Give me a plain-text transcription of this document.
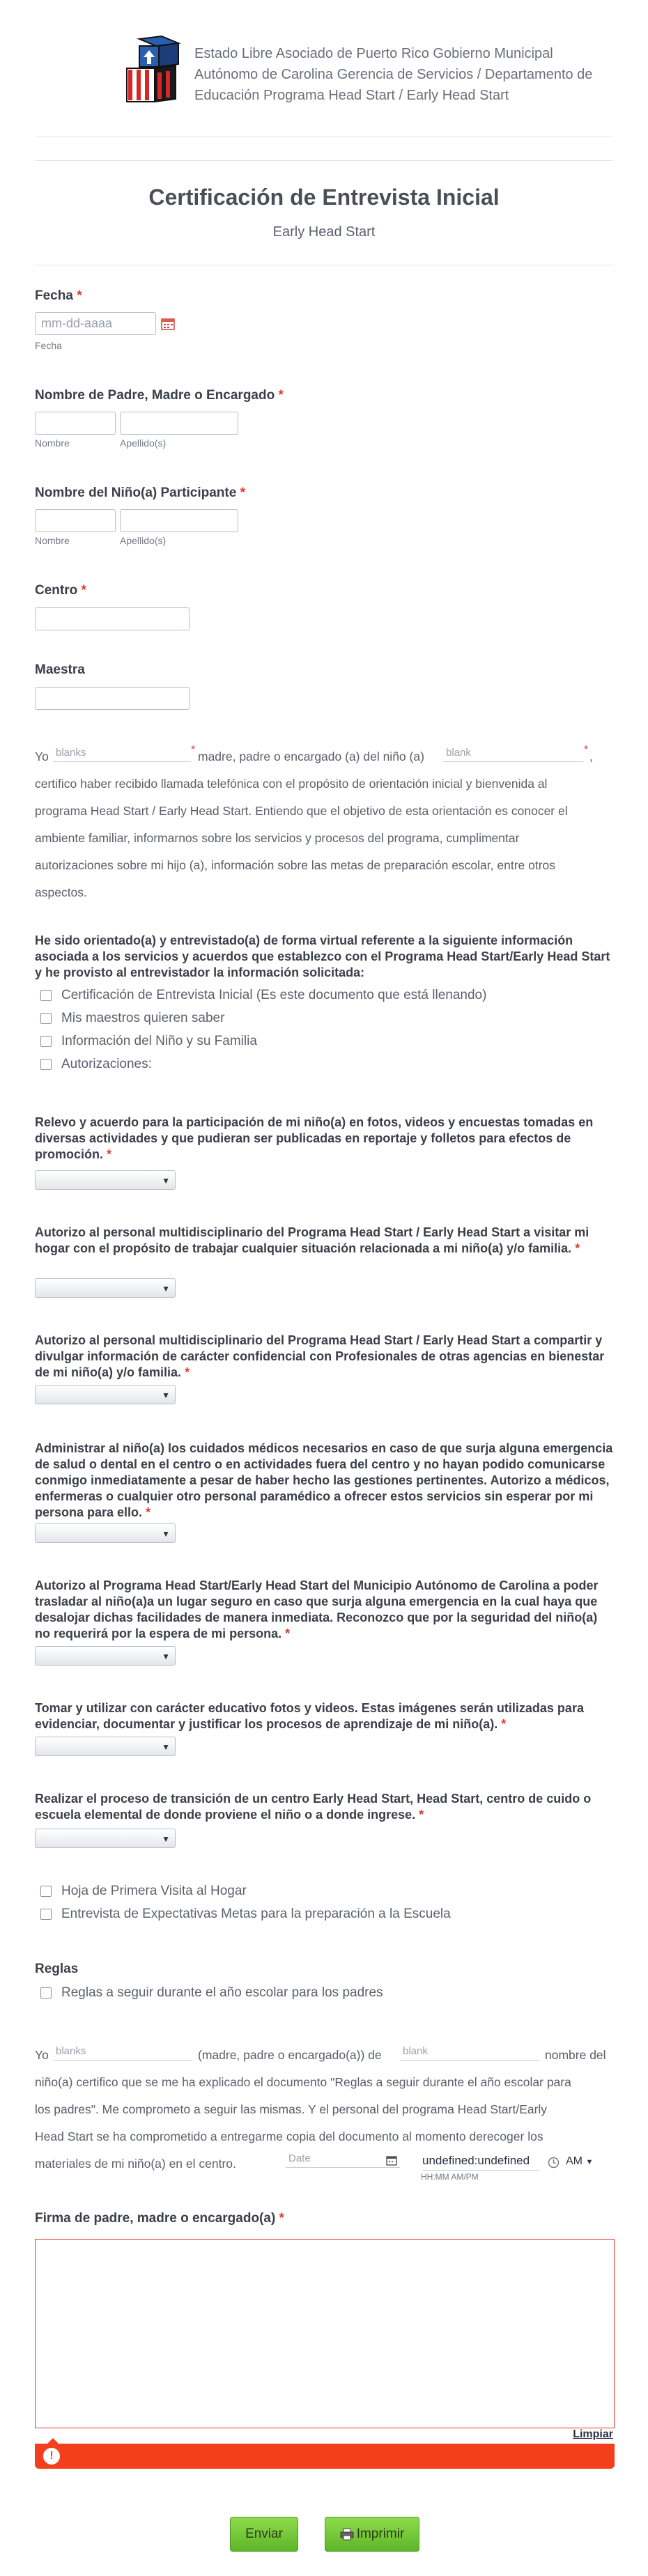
Estado Libre Asociado de Puerto Rico Gobierno Municipal Autónomo de Carolina Gerencia de Servicios / Departamento de Educación Programa Head Start / Early Head Start
Certificación de Entrevista Inicial
Early Head Start
Fecha *
mm-dd-aaaa
Fecha
Nombre de Padre, Madre o Encargado *
Nombre	Apellido(s)
Nombre del Niño(a) Participante *
Nombre	Apellido(s)
Centro *
Maestra
Yo blanks	* madre, padre o encargado (a) del niño (a) blank	* ,
certifico haber recibido llamada telefónica con el propósito de orientación inicial y bienvenida al
programa Head Start / Early Head Start. Entiendo que el objetivo de esta orientación es conocer el
ambiente familiar, informarnos sobre los servicios y procesos del programa, cumplimentar
autorizaciones sobre mi hijo (a), información sobre las metas de preparación escolar, entre otros
aspectos.
He sido orientado(a) y entrevistado(a) de forma virtual referente a la siguiente información asociada a los servicios y acuerdos que establezco con el Programa Head Start/Early Head Start y he provisto al entrevistador la información solicitada:
Certificación de Entrevista Inicial (Es este documento que está llenando)
Mis maestros quieren saber
Información del Niño y su Familia
Autorizaciones:
Relevo y acuerdo para la participación de mi niño(a) en fotos, videos y encuestas tomadas en diversas actividades y que pudieran ser publicadas en reportaje y folletos para efectos de promoción. *
▼
Autorizo al personal multidisciplinario del Programa Head Start / Early Head Start a visitar mi hogar con el propósito de trabajar cualquier situación relacionada a mi niño(a) y/o familia. *
▼
Autorizo al personal multidisciplinario del Programa Head Start / Early Head Start a compartir y divulgar información de carácter confidencial con Profesionales de otras agencias en bienestar de mi niño(a) y/o familia. *
▼
Administrar al niño(a) los cuidados médicos necesarios en caso de que surja alguna emergencia de salud o dental en el centro o en actividades fuera del centro y no hayan podido comunicarse conmigo inmediatamente a pesar de haber hecho las gestiones pertinentes. Autorizo a médicos, enfermeras o cualquier otro personal paramédico a ofrecer estos servicios sin esperar por mi persona para ello. *
▼
Autorizo al Programa Head Start/Early Head Start del Municipio Autónomo de Carolina a poder trasladar al niño(a)a un lugar seguro en caso que surja alguna emergencia en la cual haya que desalojar dichas facilidades de manera inmediata. Reconozco que por la seguridad del niño(a) no requerirá por la espera de mi persona. *
▼
Tomar y utilizar con carácter educativo fotos y videos. Estas imágenes serán utilizadas para evidenciar, documentar y justificar los procesos de aprendizaje de mi niño(a). *
▼
Realizar el proceso de transición de un centro Early Head Start, Head Start, centro de cuido o escuela elemental de donde proviene el niño o a donde ingrese. *
▼
Hoja de Primera Visita al Hogar
Entrevista de Expectativas Metas para la preparación a la Escuela
Reglas
Reglas a seguir durante el año escolar para los padres
Yo blanks	(madre, padre o encargado(a)) de blank	nombre del
niño(a) certifico que se me ha explicado el documento "Reglas a seguir durante el año escolar para
los padres". Me comprometo a seguir las mismas. Y el personal del programa Head Start/Early
Head Start se ha comprometido a entregarme copia del documento al momento derecoger los
materiales de mi niño(a) en el centro.	Date	undefined:undefined	AM ▼
HH:MM AM/PM
Firma de padre, madre o encargado(a) *
Limpiar
!
Enviar	Imprimir
